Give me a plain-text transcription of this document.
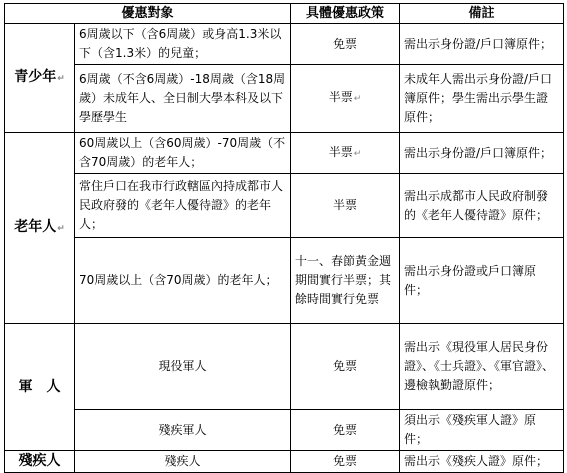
優惠對象		具體優惠政策	備註
青少年↵	6周歲以下（含6周歲）或身高1.3米以下（含1.3米）的兒童；	免票	需出示身份證/戶口簿原件；
	6周歲（不含6周歲）-18周歲（含18周歲）未成年人、全日制大學本科及以下學歷學生	半票↵	未成年人需出示身份證/戶口簿原件；學生需出示學生證原件；
老年人↵	60周歲以上（含60周歲）-70周歲（不含70周歲）的老年人；	半票↵	需出示身份證/戶口簿原件；
	常住戶口在我市行政轄區內持成都市人民政府發的《老年人優待證》的老年人；	半票	需出示成都市人民政府制發的《老年人優待證》原件；
	70周歲以上（含70周歲）的老年人；	十一、春節黃金週期間實行半票；其餘時間實行免票	需出示身份證或戶口簿原件；
軍　人	現役軍人	免票	需出示《現役軍人居民身份證》、《士兵證》、《軍官證》、邊檢執勤證原件；
	殘疾軍人	免票	須出示《殘疾軍人證》原件；
殘疾人	殘疾人	免票	需出示《殘疾人證》原件；
